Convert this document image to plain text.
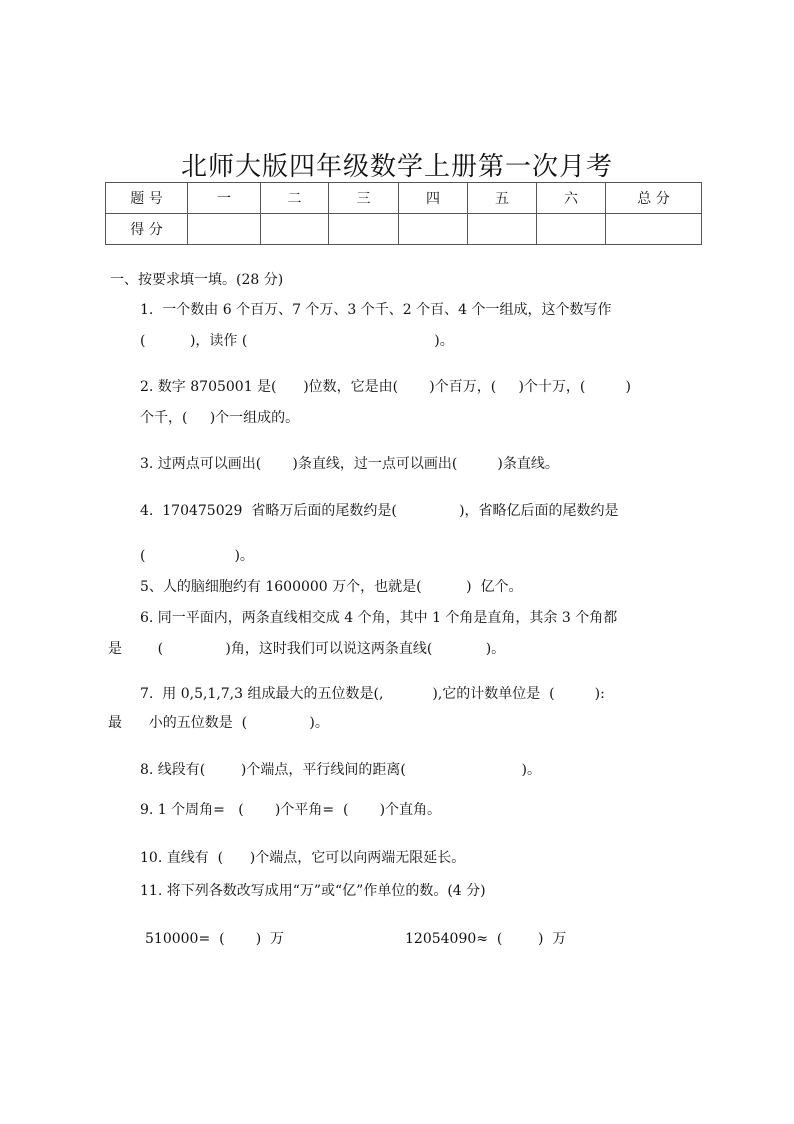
北师大版四年级数学上册第一次月考
题 号	一	二	三	四	五	六	总 分
得 分							
一、按要求填一填。(28 分)
1.  一个数由 6 个百万、7 个万、3 个千、2 个百、4 个一组成，这个数写作
(          )，读作 (                                          )。
2. 数字 8705001 是(      )位数，它是由(       )个百万，(     )个十万，(         )
个千，(     )个一组成的。
3. 过两点可以画出(       )条直线，过一点可以画出(         )条直线。
4.  170475029  省略万后面的尾数约是(              )，省略亿后面的尾数约是
(                    )。
5、人的脑细胞约有 1600000 万个，也就是(          )  亿个。
6. 同一平面内，两条直线相交成 4 个角，其中 1 个角是直角，其余 3 个角都
是        (              )角，这时我们可以说这两条直线(            )。
7.  用 0,5,1,7,3 组成最大的五位数是(,           ),它的计数单位是  (         ):
最      小的五位数是  (              )。
8. 线段有(        )个端点，平行线间的距离(                          )。
9. 1 个周角=   (       )个平角=  (       )个直角。
10. 直线有  (      )个端点，它可以向两端无限延长。
11. 将下列各数改写成用“万”或“亿”作单位的数。(4 分)
510000=  (       )  万	12054090≈  (        )  万
